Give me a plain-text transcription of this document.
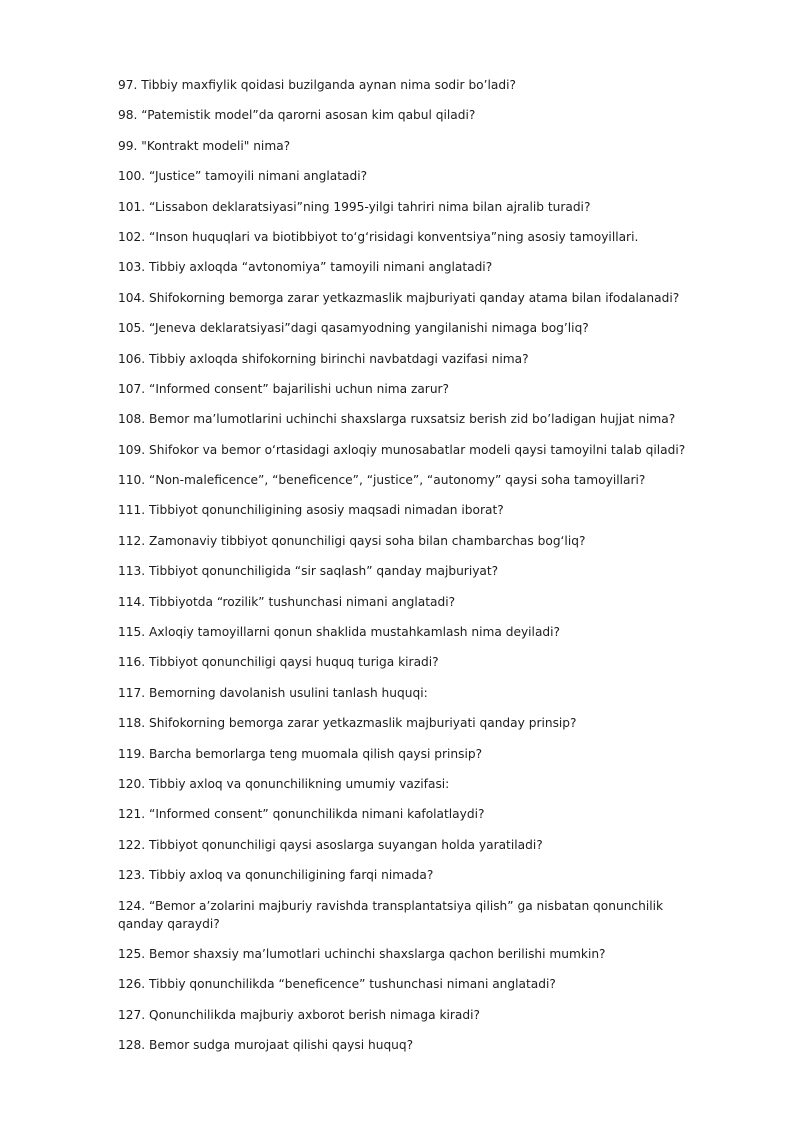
97. Tibbiy maxfiylik qoidasi buzilganda aynan nima sodir bo’ladi?
98. “Patemistik model”da qarorni asosan kim qabul qiladi?
99. "Kontrakt modeli" nima?
100. “Justice” tamoyili nimani anglatadi?
101. “Lissabon deklaratsiyasi”ning 1995-yilgi tahriri nima bilan ajralib turadi?
102. “Inson huquqlari va biotibbiyot to‘g‘risidagi konventsiya”ning asosiy tamoyillari.
103. Tibbiy axloqda “avtonomiya” tamoyili nimani anglatadi?
104. Shifokorning bemorga zarar yetkazmaslik majburiyati qanday atama bilan ifodalanadi?
105. “Jeneva deklaratsiyasi”dagi qasamyodning yangilanishi nimaga bog’liq?
106. Tibbiy axloqda shifokorning birinchi navbatdagi vazifasi nima?
107. “Informed consent” bajarilishi uchun nima zarur?
108. Bemor ma’lumotlarini uchinchi shaxslarga ruxsatsiz berish zid bo’ladigan hujjat nima?
109. Shifokor va bemor o‘rtasidagi axloqiy munosabatlar modeli qaysi tamoyilni talab qiladi?
110. “Non-maleficence”, “beneficence”, “justice”, “autonomy” qaysi soha tamoyillari?
111. Tibbiyot qonunchiligining asosiy maqsadi nimadan iborat?
112. Zamonaviy tibbiyot qonunchiligi qaysi soha bilan chambarchas bog‘liq?
113. Tibbiyot qonunchiligida “sir saqlash” qanday majburiyat?
114. Tibbiyotda “rozilik” tushunchasi nimani anglatadi?
115. Axloqiy tamoyillarni qonun shaklida mustahkamlash nima deyiladi?
116. Tibbiyot qonunchiligi qaysi huquq turiga kiradi?
117. Bemorning davolanish usulini tanlash huquqi:
118. Shifokorning bemorga zarar yetkazmaslik majburiyati qanday prinsip?
119. Barcha bemorlarga teng muomala qilish qaysi prinsip?
120. Tibbiy axloq va qonunchilikning umumiy vazifasi:
121. “Informed consent” qonunchilikda nimani kafolatlaydi?
122. Tibbiyot qonunchiligi qaysi asoslarga suyangan holda yaratiladi?
123. Tibbiy axloq va qonunchiligining farqi nimada?
124. “Bemor a’zolarini majburiy ravishda transplantatsiya qilish” ga nisbatan qonunchilik qanday qaraydi?
125. Bemor shaxsiy ma’lumotlari uchinchi shaxslarga qachon berilishi mumkin?
126. Tibbiy qonunchilikda “beneficence” tushunchasi nimani anglatadi?
127. Qonunchilikda majburiy axborot berish nimaga kiradi?
128. Bemor sudga murojaat qilishi qaysi huquq?
